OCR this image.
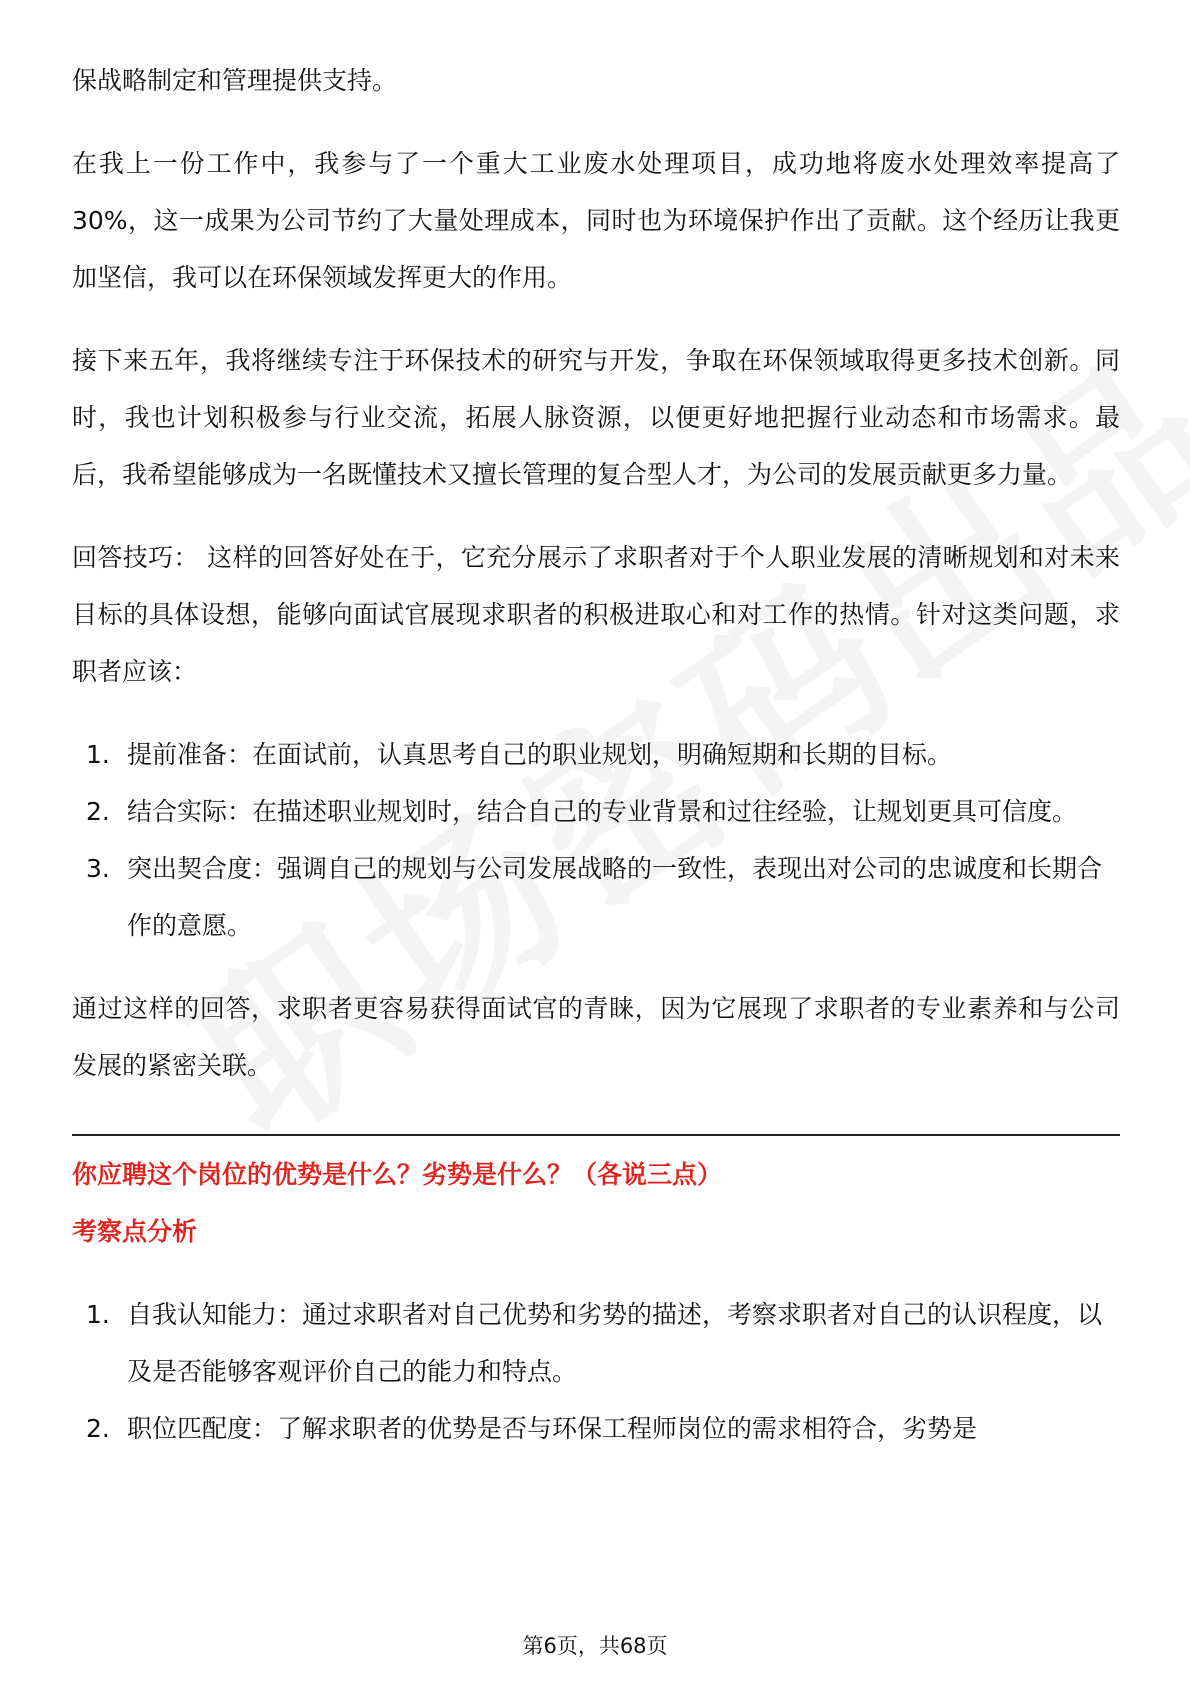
保战略制定和管理提供支持。

在我上一份工作中，我参与了一个重大工业废水处理项目，成功地将废水处理效率提高了30%，这一成果为公司节约了大量处理成本，同时也为环境保护作出了贡献。这个经历让我更加坚信，我可以在环保领域发挥更大的作用。

接下来五年，我将继续专注于环保技术的研究与开发，争取在环保领域取得更多技术创新。同时，我也计划积极参与行业交流，拓展人脉资源，以便更好地把握行业动态和市场需求。最后，我希望能够成为一名既懂技术又擅长管理的复合型人才，为公司的发展贡献更多力量。

回答技巧： 这样的回答好处在于，它充分展示了求职者对于个人职业发展的清晰规划和对未来目标的具体设想，能够向面试官展现求职者的积极进取心和对工作的热情。针对这类问题，求职者应该：

1. 提前准备：在面试前，认真思考自己的职业规划，明确短期和长期的目标。
2. 结合实际：在描述职业规划时，结合自己的专业背景和过往经验，让规划更具可信度。
3. 突出契合度：强调自己的规划与公司发展战略的一致性，表现出对公司的忠诚度和长期合作的意愿。

通过这样的回答，求职者更容易获得面试官的青睐，因为它展现了求职者的专业素养和与公司发展的紧密关联。

你应聘这个岗位的优势是什么？劣势是什么？（各说三点）

考察点分析

1. 自我认知能力：通过求职者对自己优势和劣势的描述，考察求职者对自己的认识程度，以及是否能够客观评价自己的能力和特点。
2. 职位匹配度：了解求职者的优势是否与环保工程师岗位的需求相符合，劣势是
第6页，共68页
